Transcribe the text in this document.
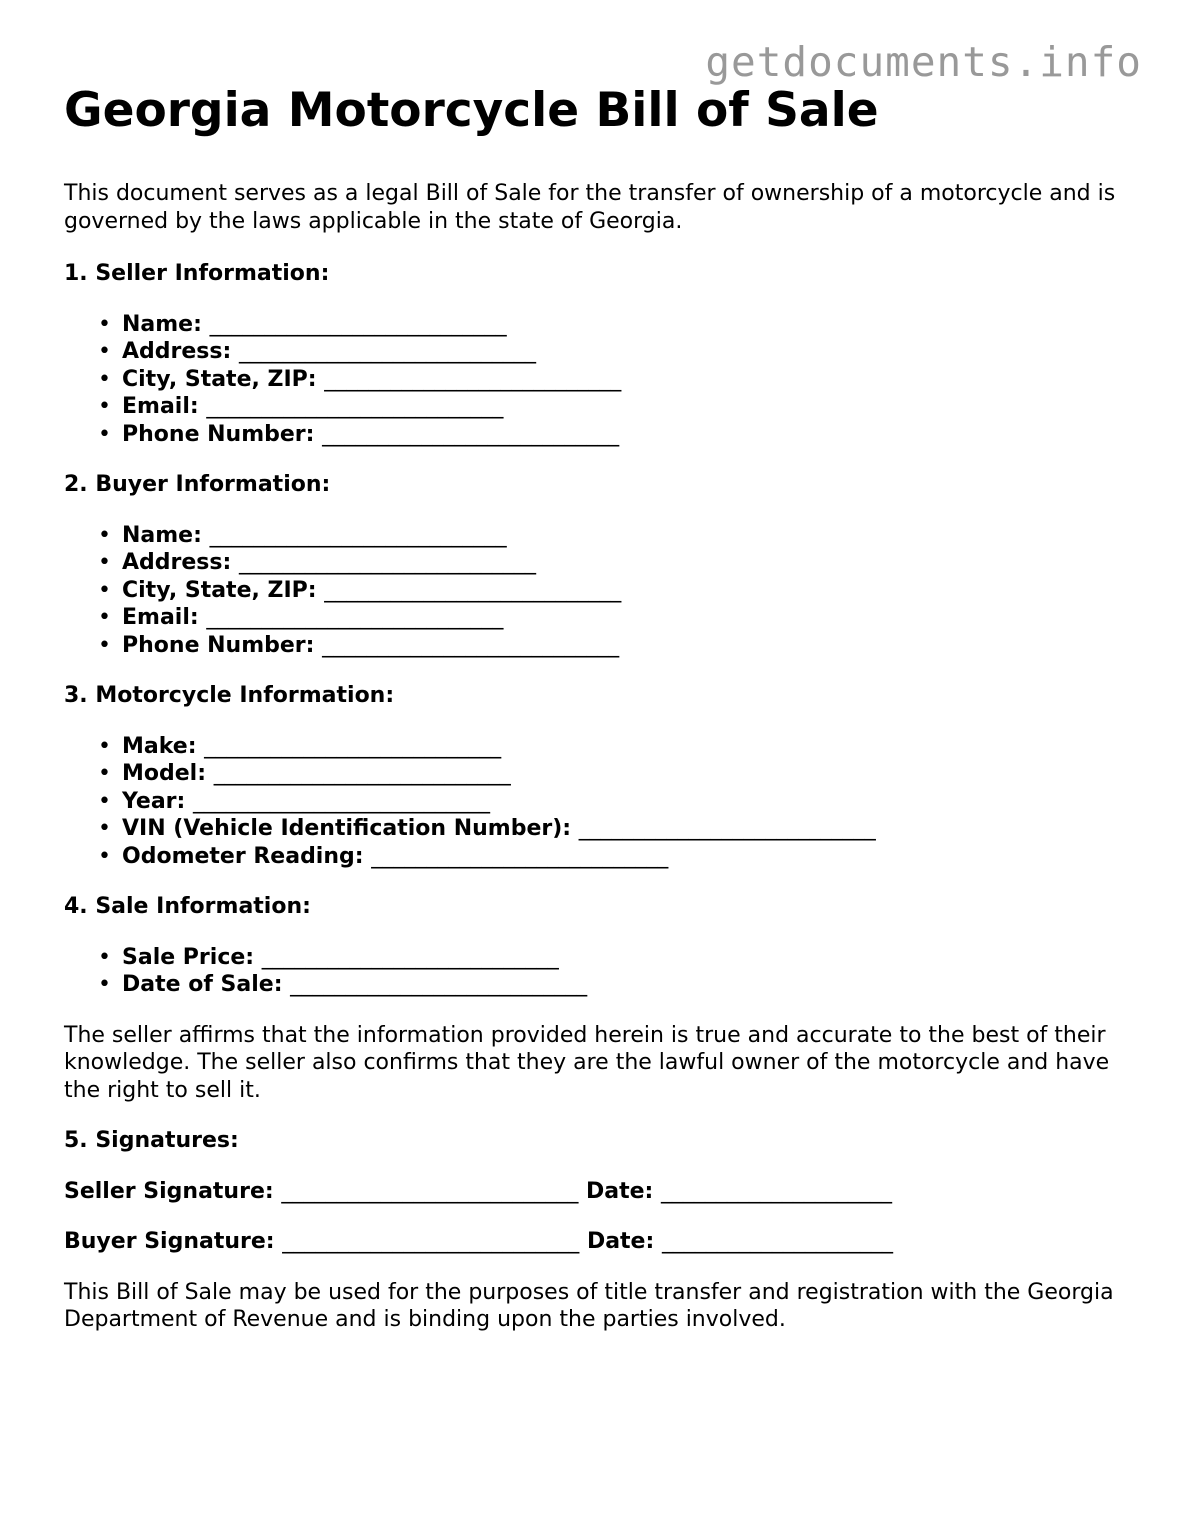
getdocuments.info
Georgia Motorcycle Bill of Sale

This document serves as a legal Bill of Sale for the transfer of ownership of a motorcycle and is governed by the laws applicable in the state of Georgia.

1. Seller Information:
• Name: ___________________________
• Address: ___________________________
• City, State, ZIP: ___________________________
• Email: ___________________________
• Phone Number: ___________________________
2. Buyer Information:
• Name: ___________________________
• Address: ___________________________
• City, State, ZIP: ___________________________
• Email: ___________________________
• Phone Number: ___________________________
3. Motorcycle Information:
• Make: ___________________________
• Model: ___________________________
• Year: ___________________________
• VIN (Vehicle Identification Number): ___________________________
• Odometer Reading: ___________________________
4. Sale Information:
• Sale Price: ___________________________
• Date of Sale: ___________________________

The seller affirms that the information provided herein is true and accurate to the best of their knowledge. The seller also confirms that they are the lawful owner of the motorcycle and have the right to sell it.

5. Signatures:
Seller Signature: ___________________________ Date: _____________________
Buyer Signature: ___________________________ Date: _____________________

This Bill of Sale may be used for the purposes of title transfer and registration with the Georgia Department of Revenue and is binding upon the parties involved.
